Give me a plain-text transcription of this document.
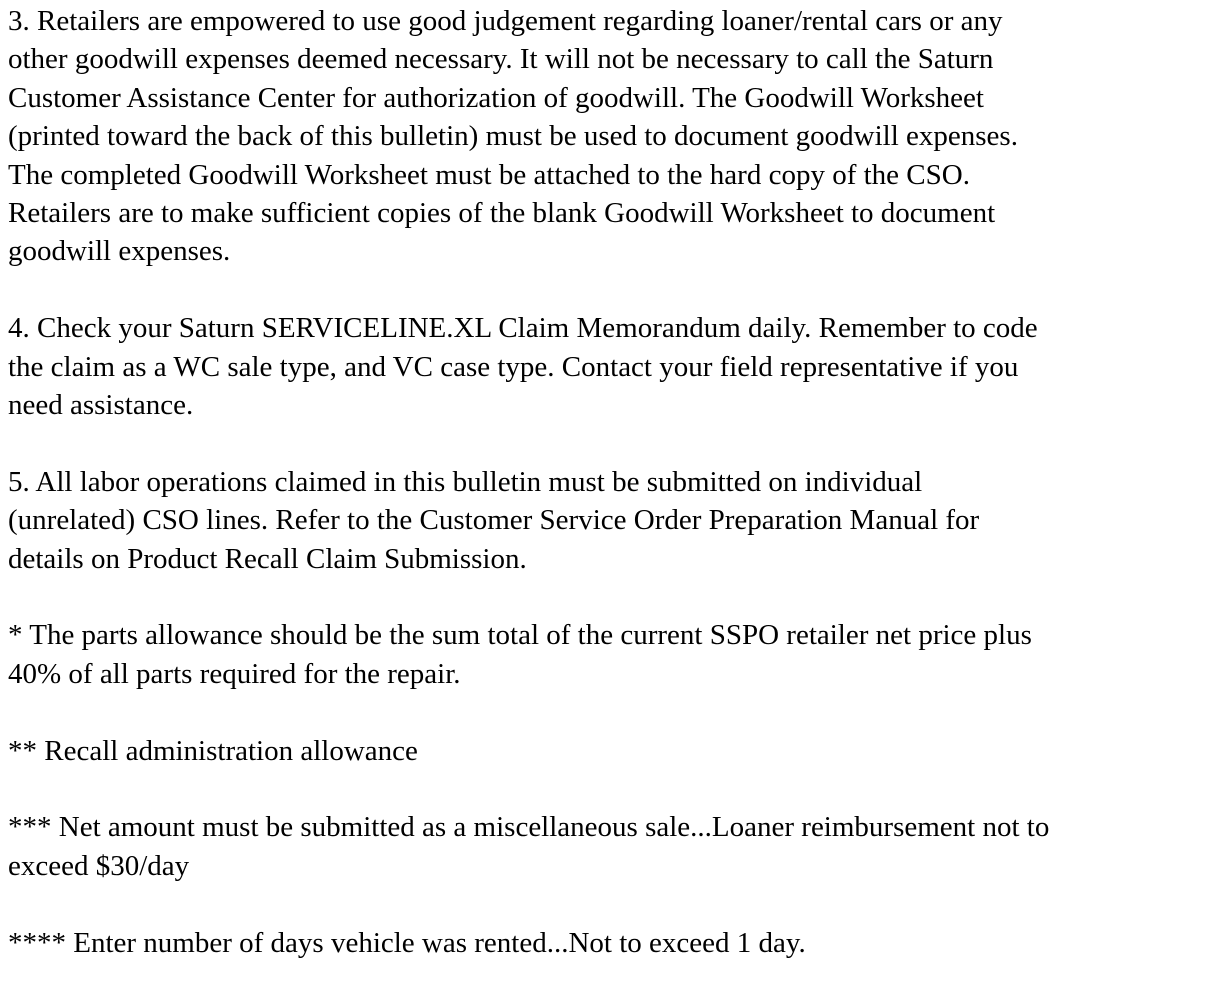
3. Retailers are empowered to use good judgement regarding loaner/rental cars or any
other goodwill expenses deemed necessary. It will not be necessary to call the Saturn
Customer Assistance Center for authorization of goodwill. The Goodwill Worksheet
(printed toward the back of this bulletin) must be used to document goodwill expenses.
The completed Goodwill Worksheet must be attached to the hard copy of the CSO.
Retailers are to make sufficient copies of the blank Goodwill Worksheet to document
goodwill expenses.

4. Check your Saturn SERVICELINE.XL Claim Memorandum daily. Remember to code
the claim as a WC sale type, and VC case type. Contact your field representative if you
need assistance.

5. All labor operations claimed in this bulletin must be submitted on individual
(unrelated) CSO lines. Refer to the Customer Service Order Preparation Manual for
details on Product Recall Claim Submission.

* The parts allowance should be the sum total of the current SSPO retailer net price plus
40% of all parts required for the repair.

** Recall administration allowance

*** Net amount must be submitted as a miscellaneous sale...Loaner reimbursement not to
exceed $30/day

**** Enter number of days vehicle was rented...Not to exceed 1 day.
